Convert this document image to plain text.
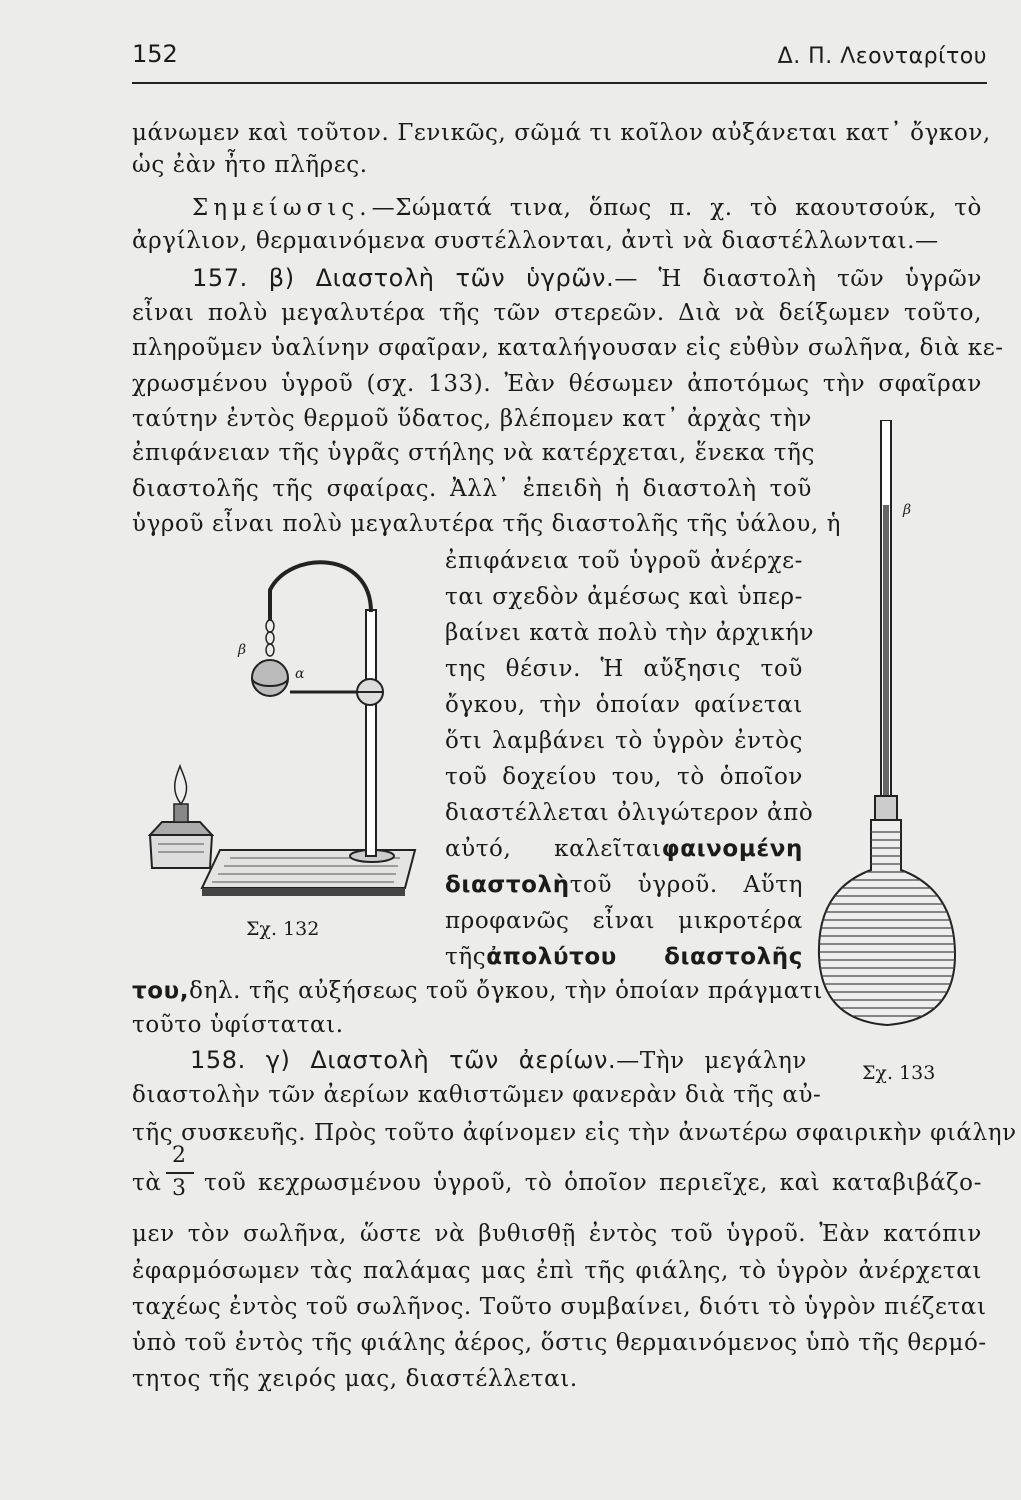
152	Δ. Π. Λεονταρίτου
μάνωμεν καὶ τοῦτον. Γενικῶς, σῶμά τι κοῖλον αὐξάνεται κατ᾿ ὄγκον,
ὡς ἐὰν ἦτο πλῆρες.
Σημείωσις.—Σώματά τινα, ὅπως π. χ. τὸ καουτσούκ, τὸ
ἀργίλιον, θερμαινόμενα συστέλλονται, ἀντὶ νὰ διαστέλλωνται.—
157. β) Διαστολὴ τῶν ὑγρῶν.— Ἡ διαστολὴ τῶν ὑγρῶν
εἶναι πολὺ μεγαλυτέρα τῆς τῶν στερεῶν. Διὰ νὰ δείξωμεν τοῦτο,
πληροῦμεν ὑαλίνην σφαῖραν, καταλήγουσαν εἰς εὐθὺν σωλῆνα, διὰ κε-
χρωσμένου ὑγροῦ (σχ. 133). Ἐὰν θέσωμεν ἀποτόμως τὴν σφαῖραν
ταύτην ἐντὸς θερμοῦ ὕδατος, βλέπομεν κατ᾿ ἀρχὰς τὴν
ἐπιφάνειαν τῆς ὑγρᾶς στήλης νὰ κατέρχεται, ἕνεκα τῆς
διαστολῆς τῆς σφαίρας. Ἀλλ᾿ ἐπειδὴ ἡ διαστολὴ τοῦ
ὑγροῦ εἶναι πολὺ μεγαλυτέρα τῆς διαστολῆς τῆς ὑάλου, ἡ
ἐπιφάνεια τοῦ ὑγροῦ ἀνέρχε-
ται σχεδὸν ἀμέσως καὶ ὑπερ-
βαίνει κατὰ πολὺ τὴν ἀρχικήν
της θέσιν. Ἡ αὔξησις τοῦ
ὄγκου, τὴν ὁποίαν φαίνεται
ὅτι λαμβάνει τὸ ὑγρὸν ἐντὸς
τοῦ δοχείου του, τὸ ὁποῖον
διαστέλλεται ὀλιγώτερον ἀπὸ
αὐτό, καλεῖταιφαινομένη
διαστολὴτοῦ ὑγροῦ. Αὕτη
προφανῶς εἶναι μικροτέρα
τῆςἀπολύτου διαστολῆς
του,δηλ. τῆς αὐξήσεως τοῦ ὄγκου, τὴν ὁποίαν πράγματι
τοῦτο ὑφίσταται.
158. γ) Διαστολὴ τῶν ἀερίων.—Τὴν μεγάλην
διαστολὴν τῶν ἀερίων καθιστῶμεν φανερὰν διὰ τῆς αὐ-
τῆς συσκευῆς. Πρὸς τοῦτο ἀφίνομεν εἰς τὴν ἀνωτέρω σφαιρικὴν φιάλην
τὰ
2
3 τοῦ κεχρωσμένου ὑγροῦ, τὸ ὁποῖον περιεῖχε, καὶ καταβιβάζο-
μεν τὸν σωλῆνα, ὥστε νὰ βυθισθῇ ἐντὸς τοῦ ὑγροῦ. Ἐὰν κατόπιν
ἐφαρμόσωμεν τὰς παλάμας μας ἐπὶ τῆς φιάλης, τὸ ὑγρὸν ἀνέρχεται
ταχέως ἐντὸς τοῦ σωλῆνος. Τοῦτο συμβαίνει, διότι τὸ ὑγρὸν πιέζεται
ὑπὸ τοῦ ἐντὸς τῆς φιάλης ἀέρος, ὅστις θερμαινόμενος ὑπὸ τῆς θερμό-
τητος τῆς χειρός μας, διαστέλλεται.
β
α
Σχ. 132
β
Σχ. 133
